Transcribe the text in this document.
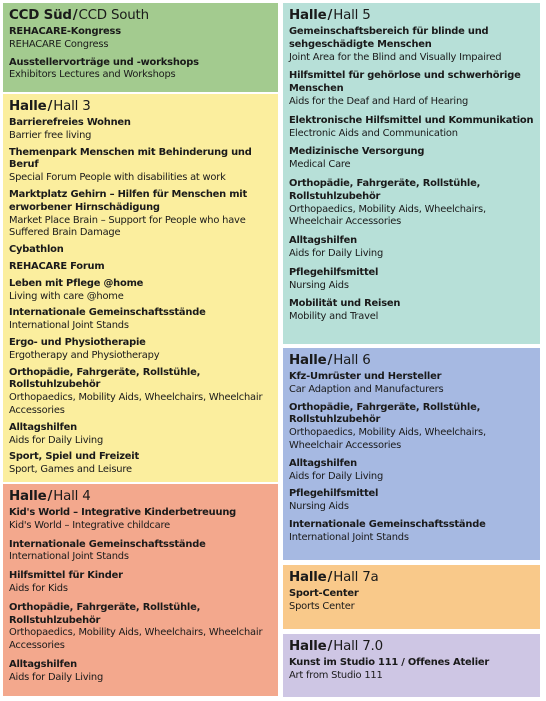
CCD Süd/CCD South
REHACARE-Kongress
REHACARE Congress
Ausstellervorträge und -workshops
Exhibitors Lectures and Workshops
Halle/Hall 3
Barrierefreies Wohnen
Barrier free living
Themenpark Menschen mit Behinderung und Beruf
Special Forum People with disabilities at work
Marktplatz Gehirn – Hilfen für Menschen mit erworbener Hirnschädigung
Market Place Brain – Support for People who have Suffered Brain Damage
Cybathlon
REHACARE Forum
Leben mit Pflege @home
Living with care @home
Internationale Gemeinschaftsstände
International Joint Stands
Ergo- und Physiotherapie
Ergotherapy and Physiotherapy
Orthopädie, Fahrgeräte, Rollstühle, Rollstuhlzubehör
Orthopaedics, Mobility Aids, Wheelchairs, Wheelchair Accessories
Alltagshilfen
Aids for Daily Living
Sport, Spiel und Freizeit
Sport, Games and Leisure
Halle/Hall 4
Kid's World – Integrative Kinderbetreuung
Kid's World – Integrative childcare
Internationale Gemeinschaftsstände
International Joint Stands
Hilfsmittel für Kinder
Aids for Kids
Orthopädie, Fahrgeräte, Rollstühle, Rollstuhlzubehör
Orthopaedics, Mobility Aids, Wheelchairs, Wheelchair Accessories
Alltagshilfen
Aids for Daily Living
Halle/Hall 5
Gemeinschaftsbereich für blinde und sehgeschädigte Menschen
Joint Area for the Blind and Visually Impaired
Hilfsmittel für gehörlose und schwerhörige Menschen
Aids for the Deaf and Hard of Hearing
Elektronische Hilfsmittel und Kommunikation
Electronic Aids and Communication
Medizinische Versorgung
Medical Care
Orthopädie, Fahrgeräte, Rollstühle, Rollstuhlzubehör
Orthopaedics, Mobility Aids, Wheelchairs, Wheelchair Accessories
Alltagshilfen
Aids for Daily Living
Pflegehilfsmittel
Nursing Aids
Mobilität und Reisen
Mobility and Travel
Halle/Hall 6
Kfz-Umrüster und Hersteller
Car Adaption and Manufacturers
Orthopädie, Fahrgeräte, Rollstühle, Rollstuhlzubehör
Orthopaedics, Mobility Aids, Wheelchairs, Wheelchair Accessories
Alltagshilfen
Aids for Daily Living
Pflegehilfsmittel
Nursing Aids
Internationale Gemeinschaftsstände
International Joint Stands
Halle/Hall 7a
Sport-Center
Sports Center
Halle/Hall 7.0
Kunst im Studio 111 / Offenes Atelier
Art from Studio 111
